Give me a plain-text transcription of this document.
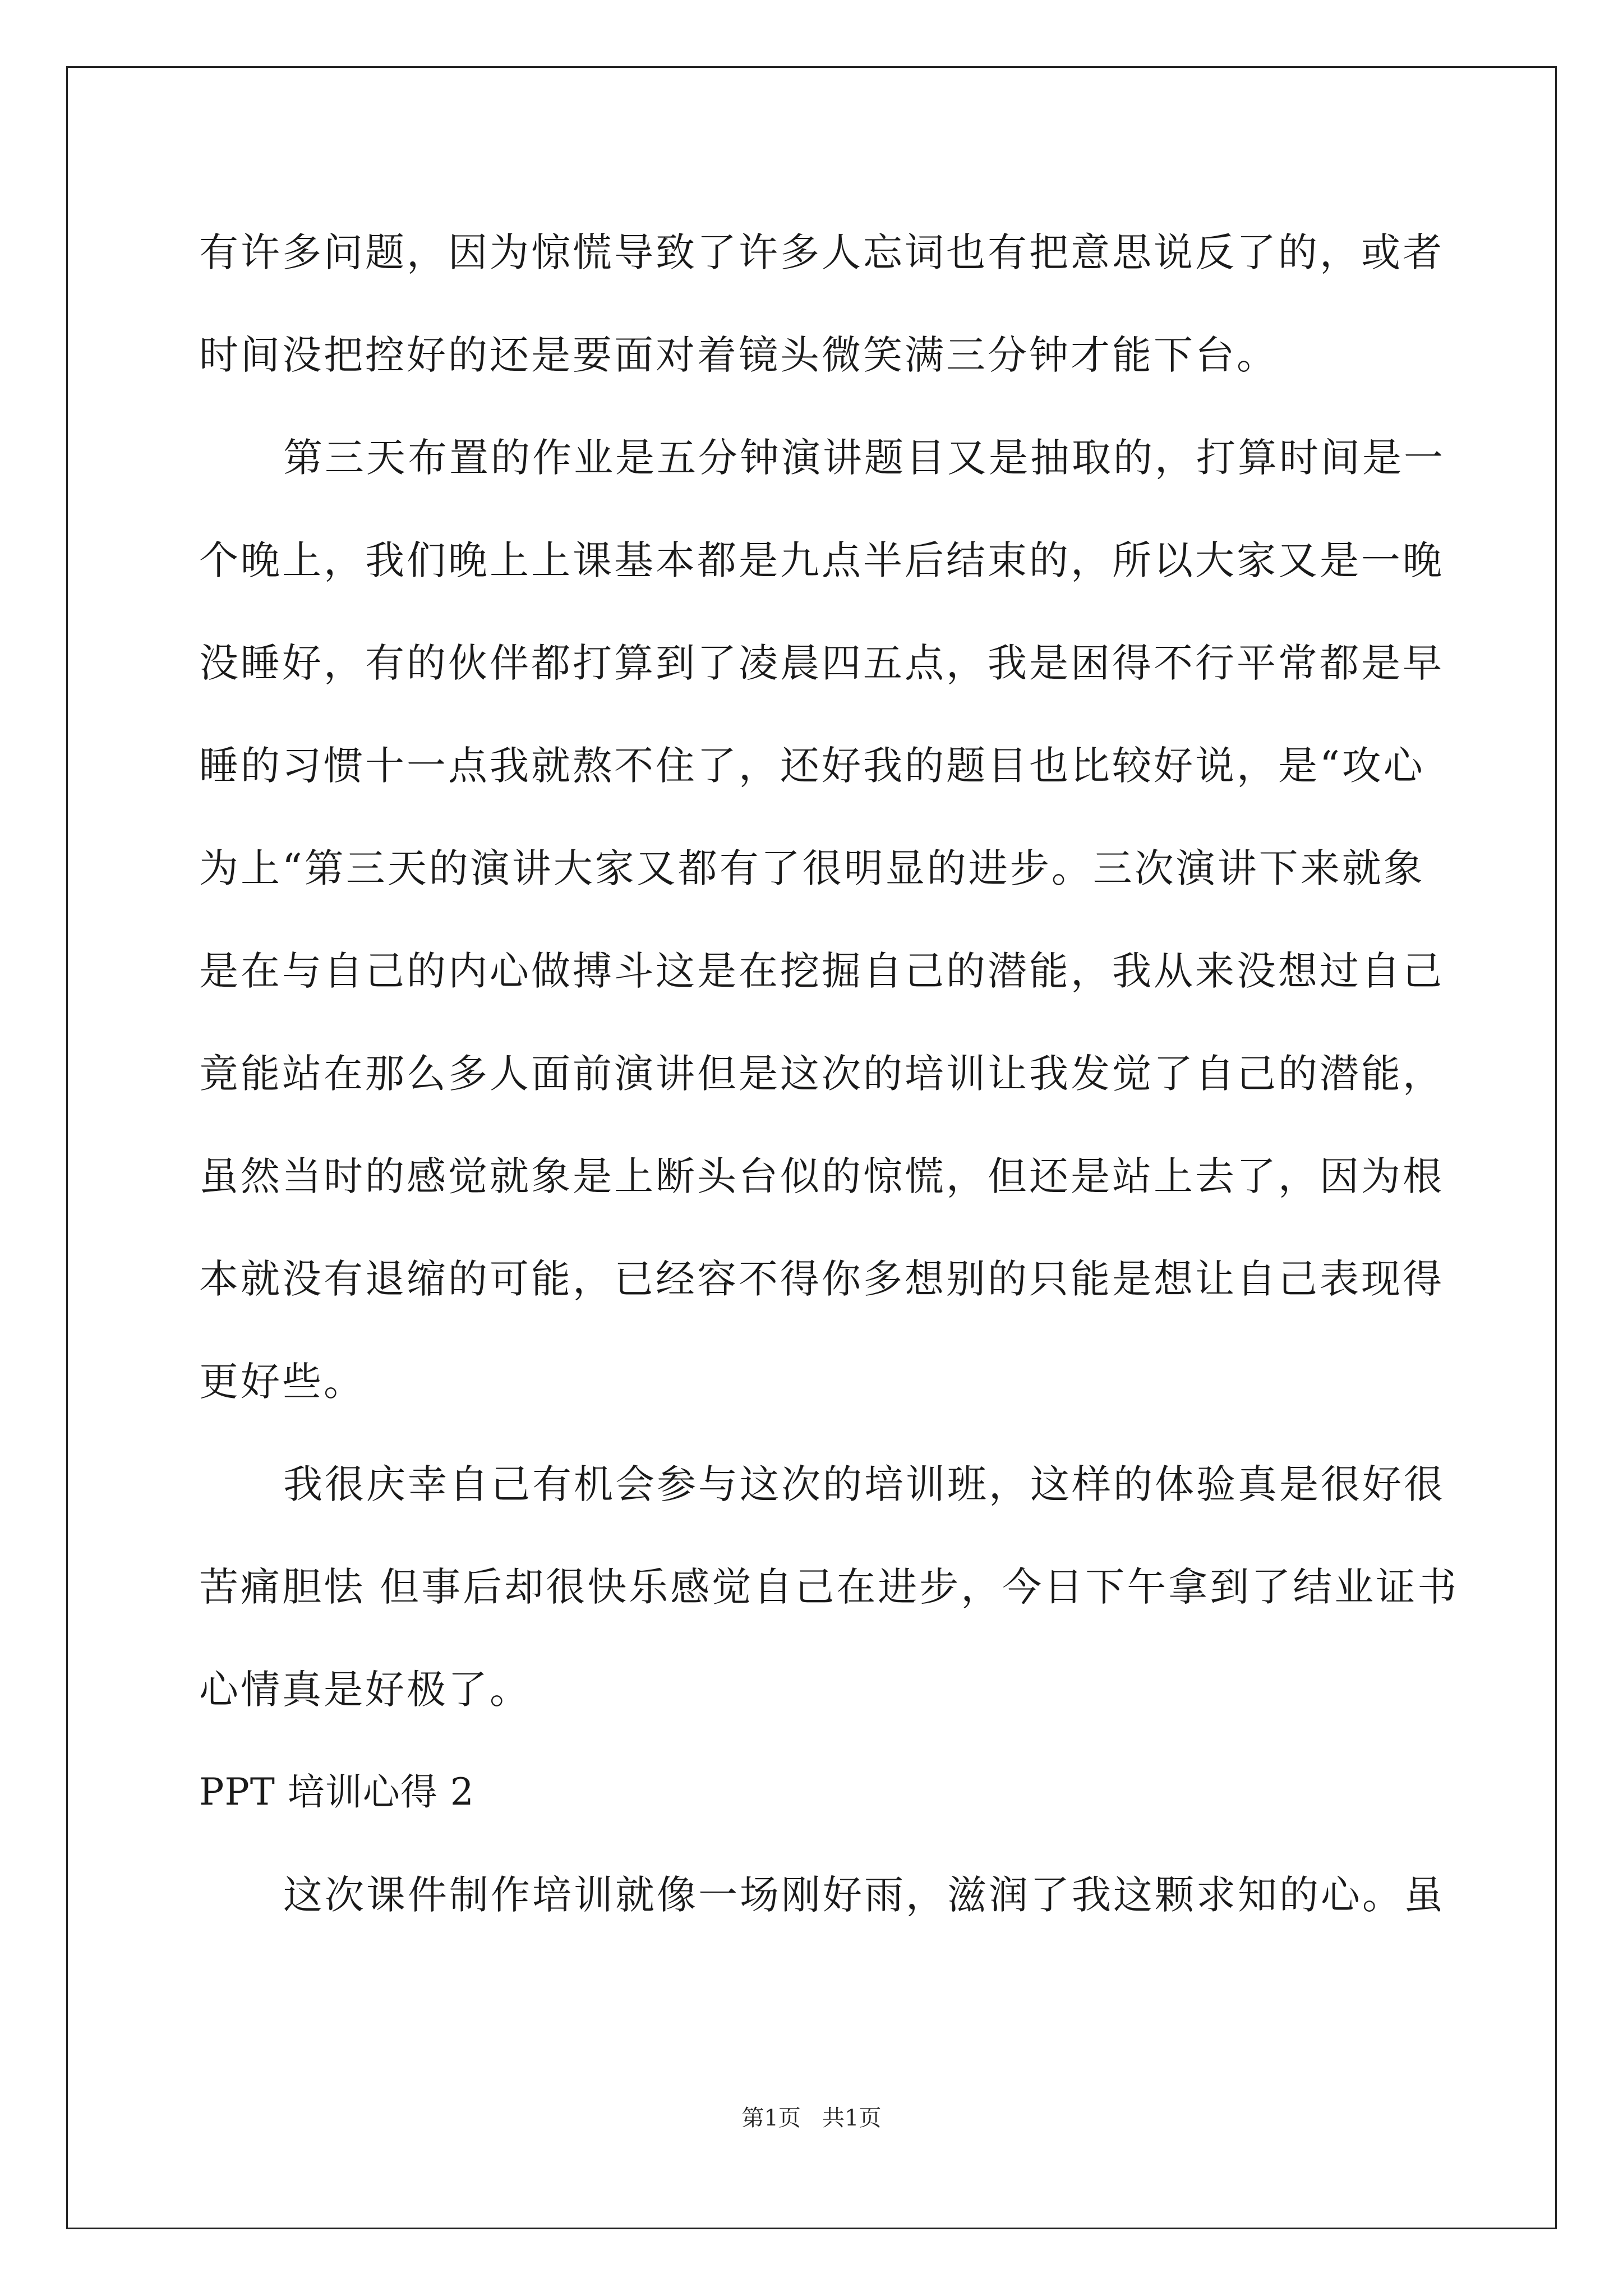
有许多问题，因为惊慌导致了许多人忘词也有把意思说反了的，或者
时间没把控好的还是要面对着镜头微笑满三分钟才能下台。
第三天布置的作业是五分钟演讲题目又是抽取的，打算时间是一
个晚上，我们晚上上课基本都是九点半后结束的，所以大家又是一晚
没睡好，有的伙伴都打算到了凌晨四五点，我是困得不行平常都是早
睡的习惯十一点我就熬不住了，还好我的题目也比较好说，是“攻心
为上“第三天的演讲大家又都有了很明显的进步。三次演讲下来就象
是在与自己的内心做搏斗这是在挖掘自己的潜能，我从来没想过自己
竟能站在那么多人面前演讲但是这次的培训让我发觉了自己的潜能，
虽然当时的感觉就象是上断头台似的惊慌，但还是站上去了，因为根
本就没有退缩的可能，已经容不得你多想别的只能是想让自己表现得
更好些。
我很庆幸自己有机会参与这次的培训班，这样的体验真是很好很
苦痛胆怯 但事后却很快乐感觉自己在进步，今日下午拿到了结业证书
心情真是好极了。
PPT 培训心得 2
这次课件制作培训就像一场刚好雨，滋润了我这颗求知的心。虽
第1页   共1页
